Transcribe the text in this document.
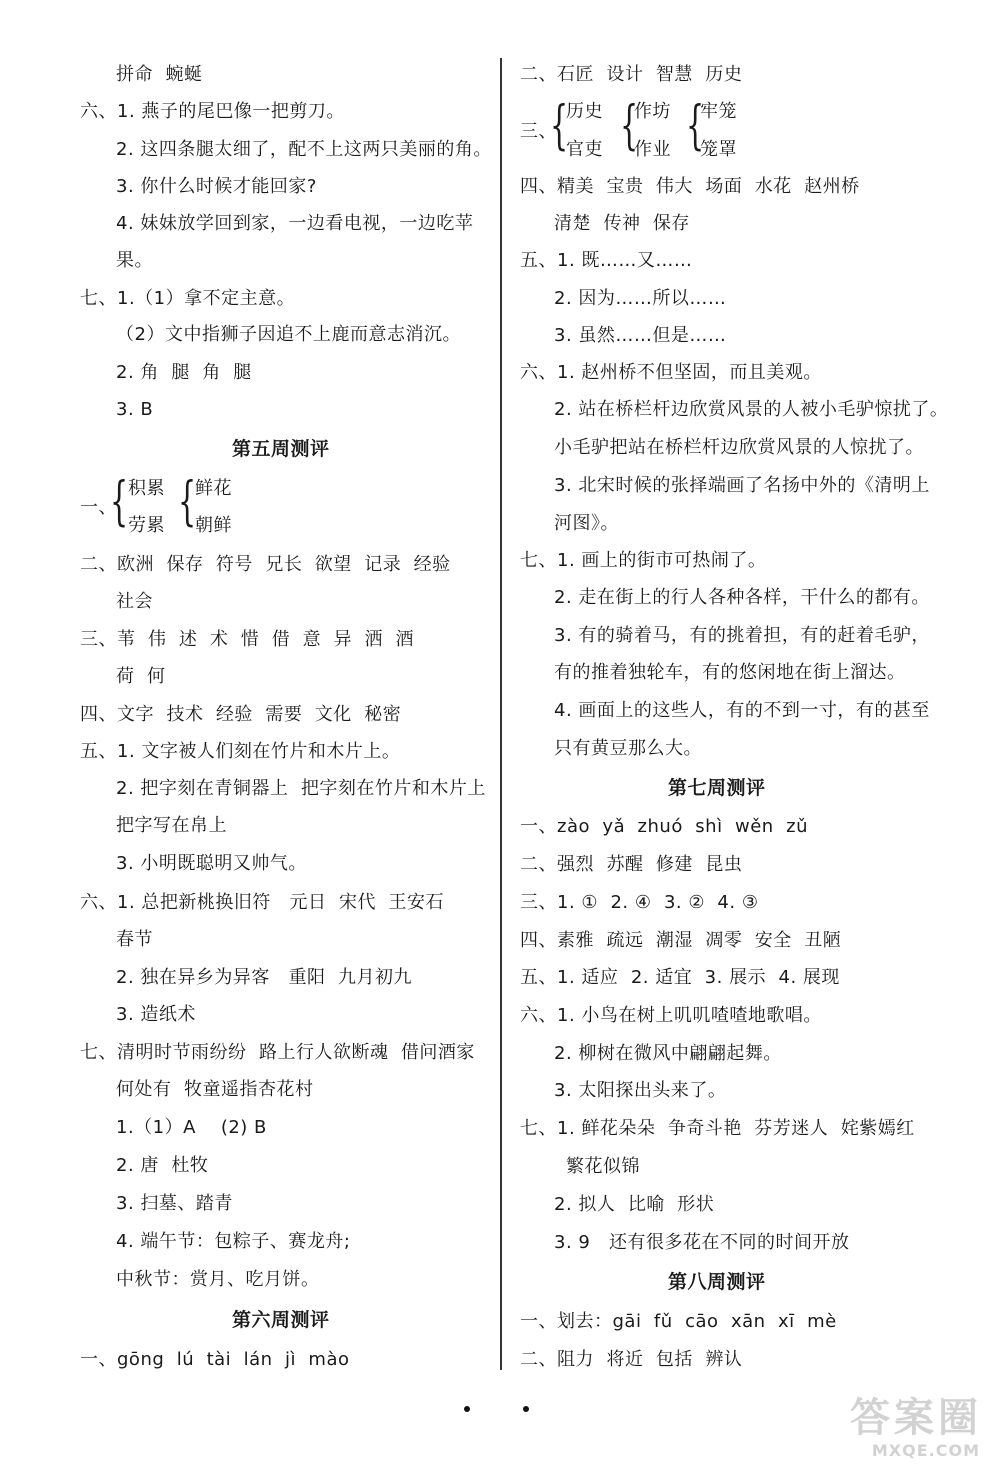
拼命  蜿蜒
六、1. 燕子的尾巴像一把剪刀。
2. 这四条腿太细了，配不上这两只美丽的角。
3. 你什么时候才能回家?
4. 妹妹放学回到家，一边看电视，一边吃苹
果。
七、1.（1）拿不定主意。
（2）文中指狮子因追不上鹿而意志消沉。
2. 角  腿  角  腿
3. B
第五周测评
一、
{ 积累
劳累 {
鲜花
朝鲜
二、欧洲  保存  符号  兄长  欲望  记录  经验
社会
三、苇  伟  述  术  惜  借  意  异  洒  酒
荷  何
四、文字  技术  经验  需要  文化  秘密
五、1. 文字被人们刻在竹片和木片上。
2. 把字刻在青铜器上  把字刻在竹片和木片上
把字写在帛上
3. 小明既聪明又帅气。
六、1. 总把新桃换旧符   元日  宋代  王安石
春节
2. 独在异乡为异客   重阳  九月初九
3. 造纸术
七、清明时节雨纷纷  路上行人欲断魂  借问酒家
何处有  牧童遥指杏花村
1.（1）A    (2) B
2. 唐  杜牧
3. 扫墓、踏青
4. 端午节：包粽子、赛龙舟;
中秋节：赏月、吃月饼。
第六周测评
一、gōng  lú  tài  lán  jì  mào
二、石匠  设计  智慧  历史
三、
{
历史
官吏 {
作坊
作业 {
牢笼
笼罩
四、精美  宝贵  伟大  场面  水花  赵州桥
清楚  传神  保存
五、1. 既……又……
2. 因为……所以……
3. 虽然……但是……
六、1. 赵州桥不但坚固，而且美观。
2. 站在桥栏杆边欣赏风景的人被小毛驴惊扰了。
小毛驴把站在桥栏杆边欣赏风景的人惊扰了。
3. 北宋时候的张择端画了名扬中外的《清明上
河图》。
七、1. 画上的街市可热闹了。
2. 走在街上的行人各种各样，干什么的都有。
3. 有的骑着马，有的挑着担，有的赶着毛驴，
有的推着独轮车，有的悠闲地在街上溜达。
4. 画面上的这些人，有的不到一寸，有的甚至
只有黄豆那么大。
第七周测评
一、zào  yǎ  zhuó  shì  wěn  zǔ
二、强烈  苏醒  修建  昆虫
三、1. ①  2. ④  3. ②  4. ③
四、素雅  疏远  潮湿  凋零  安全  丑陋
五、1. 适应  2. 适宜  3. 展示  4. 展现
六、1. 小鸟在树上叽叽喳喳地歌唱。
2. 柳树在微风中翩翩起舞。
3. 太阳探出头来了。
七、1. 鲜花朵朵  争奇斗艳  芬芳迷人  姹紫嫣红
繁花似锦
2. 拟人  比喻  形状
3. 9   还有很多花在不同的时间开放
第八周测评
一、划去：gāi  fǔ  cāo  xān  xī  mè
二、阻力  将近  包括  辨认
答案圈
MXQE.COM
